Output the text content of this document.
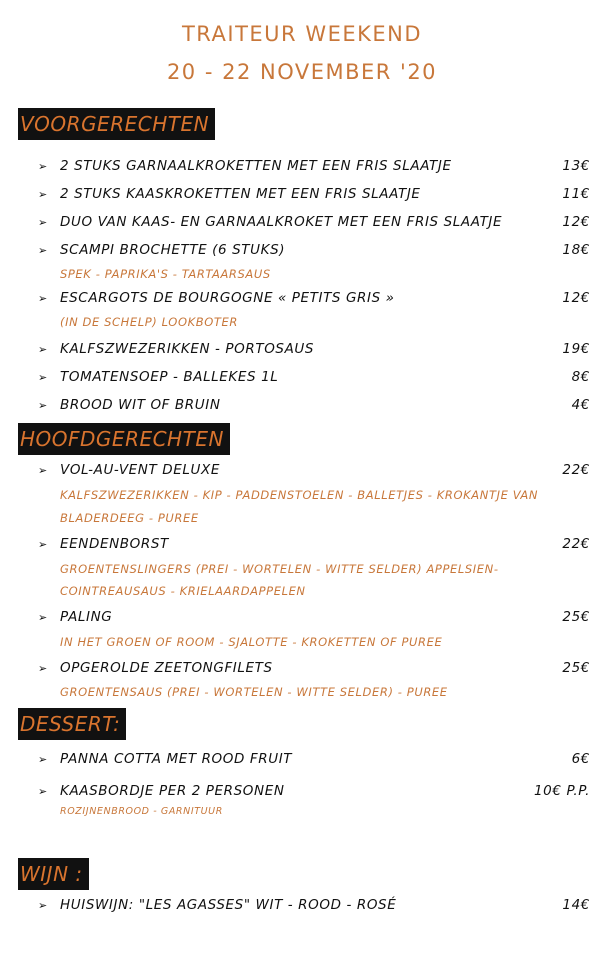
TRAITEUR WEEKEND
20 - 22 NOVEMBER '20
VOORGERECHTEN
➢ 2 STUKS GARNAALKROKETTEN MET EEN FRIS SLAATJE	13€
➢ 2 STUKS KAASKROKETTEN MET EEN FRIS SLAATJE	11€
➢ DUO VAN KAAS- EN GARNAALKROKET MET EEN FRIS SLAATJE	12€
➢ SCAMPI BROCHETTE (6 STUKS)	18€
SPEK - PAPRIKA'S - TARTAARSAUS
➢ ESCARGOTS DE BOURGOGNE « PETITS GRIS »	12€
(IN DE SCHELP) LOOKBOTER
➢ KALFSZWEZERIKKEN - PORTOSAUS	19€
➢ TOMATENSOEP - BALLEKES 1L	8€
➢ BROOD WIT OF BRUIN	4€
HOOFDGERECHTEN
➢ VOL-AU-VENT DELUXE	22€
KALFSZWEZERIKKEN - KIP - PADDENSTOELEN - BALLETJES - KROKANTJE VAN
BLADERDEEG - PUREE
➢ EENDENBORST	22€
GROENTENSLINGERS (PREI - WORTELEN - WITTE SELDER) APPELSIEN-
COINTREAUSAUS - KRIELAARDAPPELEN
➢ PALING	25€
IN HET GROEN OF ROOM - SJALOTTE - KROKETTEN OF PUREE
➢ OPGEROLDE ZEETONGFILETS	25€
GROENTENSAUS (PREI - WORTELEN - WITTE SELDER) - PUREE
DESSERT:
➢ PANNA COTTA MET ROOD FRUIT	6€
➢ KAASBORDJE PER 2 PERSONEN	10€ P.P.
ROZIJNENBROOD - GARNITUUR
WIJN :
➢ HUISWIJN: "LES AGASSES" WIT - ROOD - ROSÉ	14€
